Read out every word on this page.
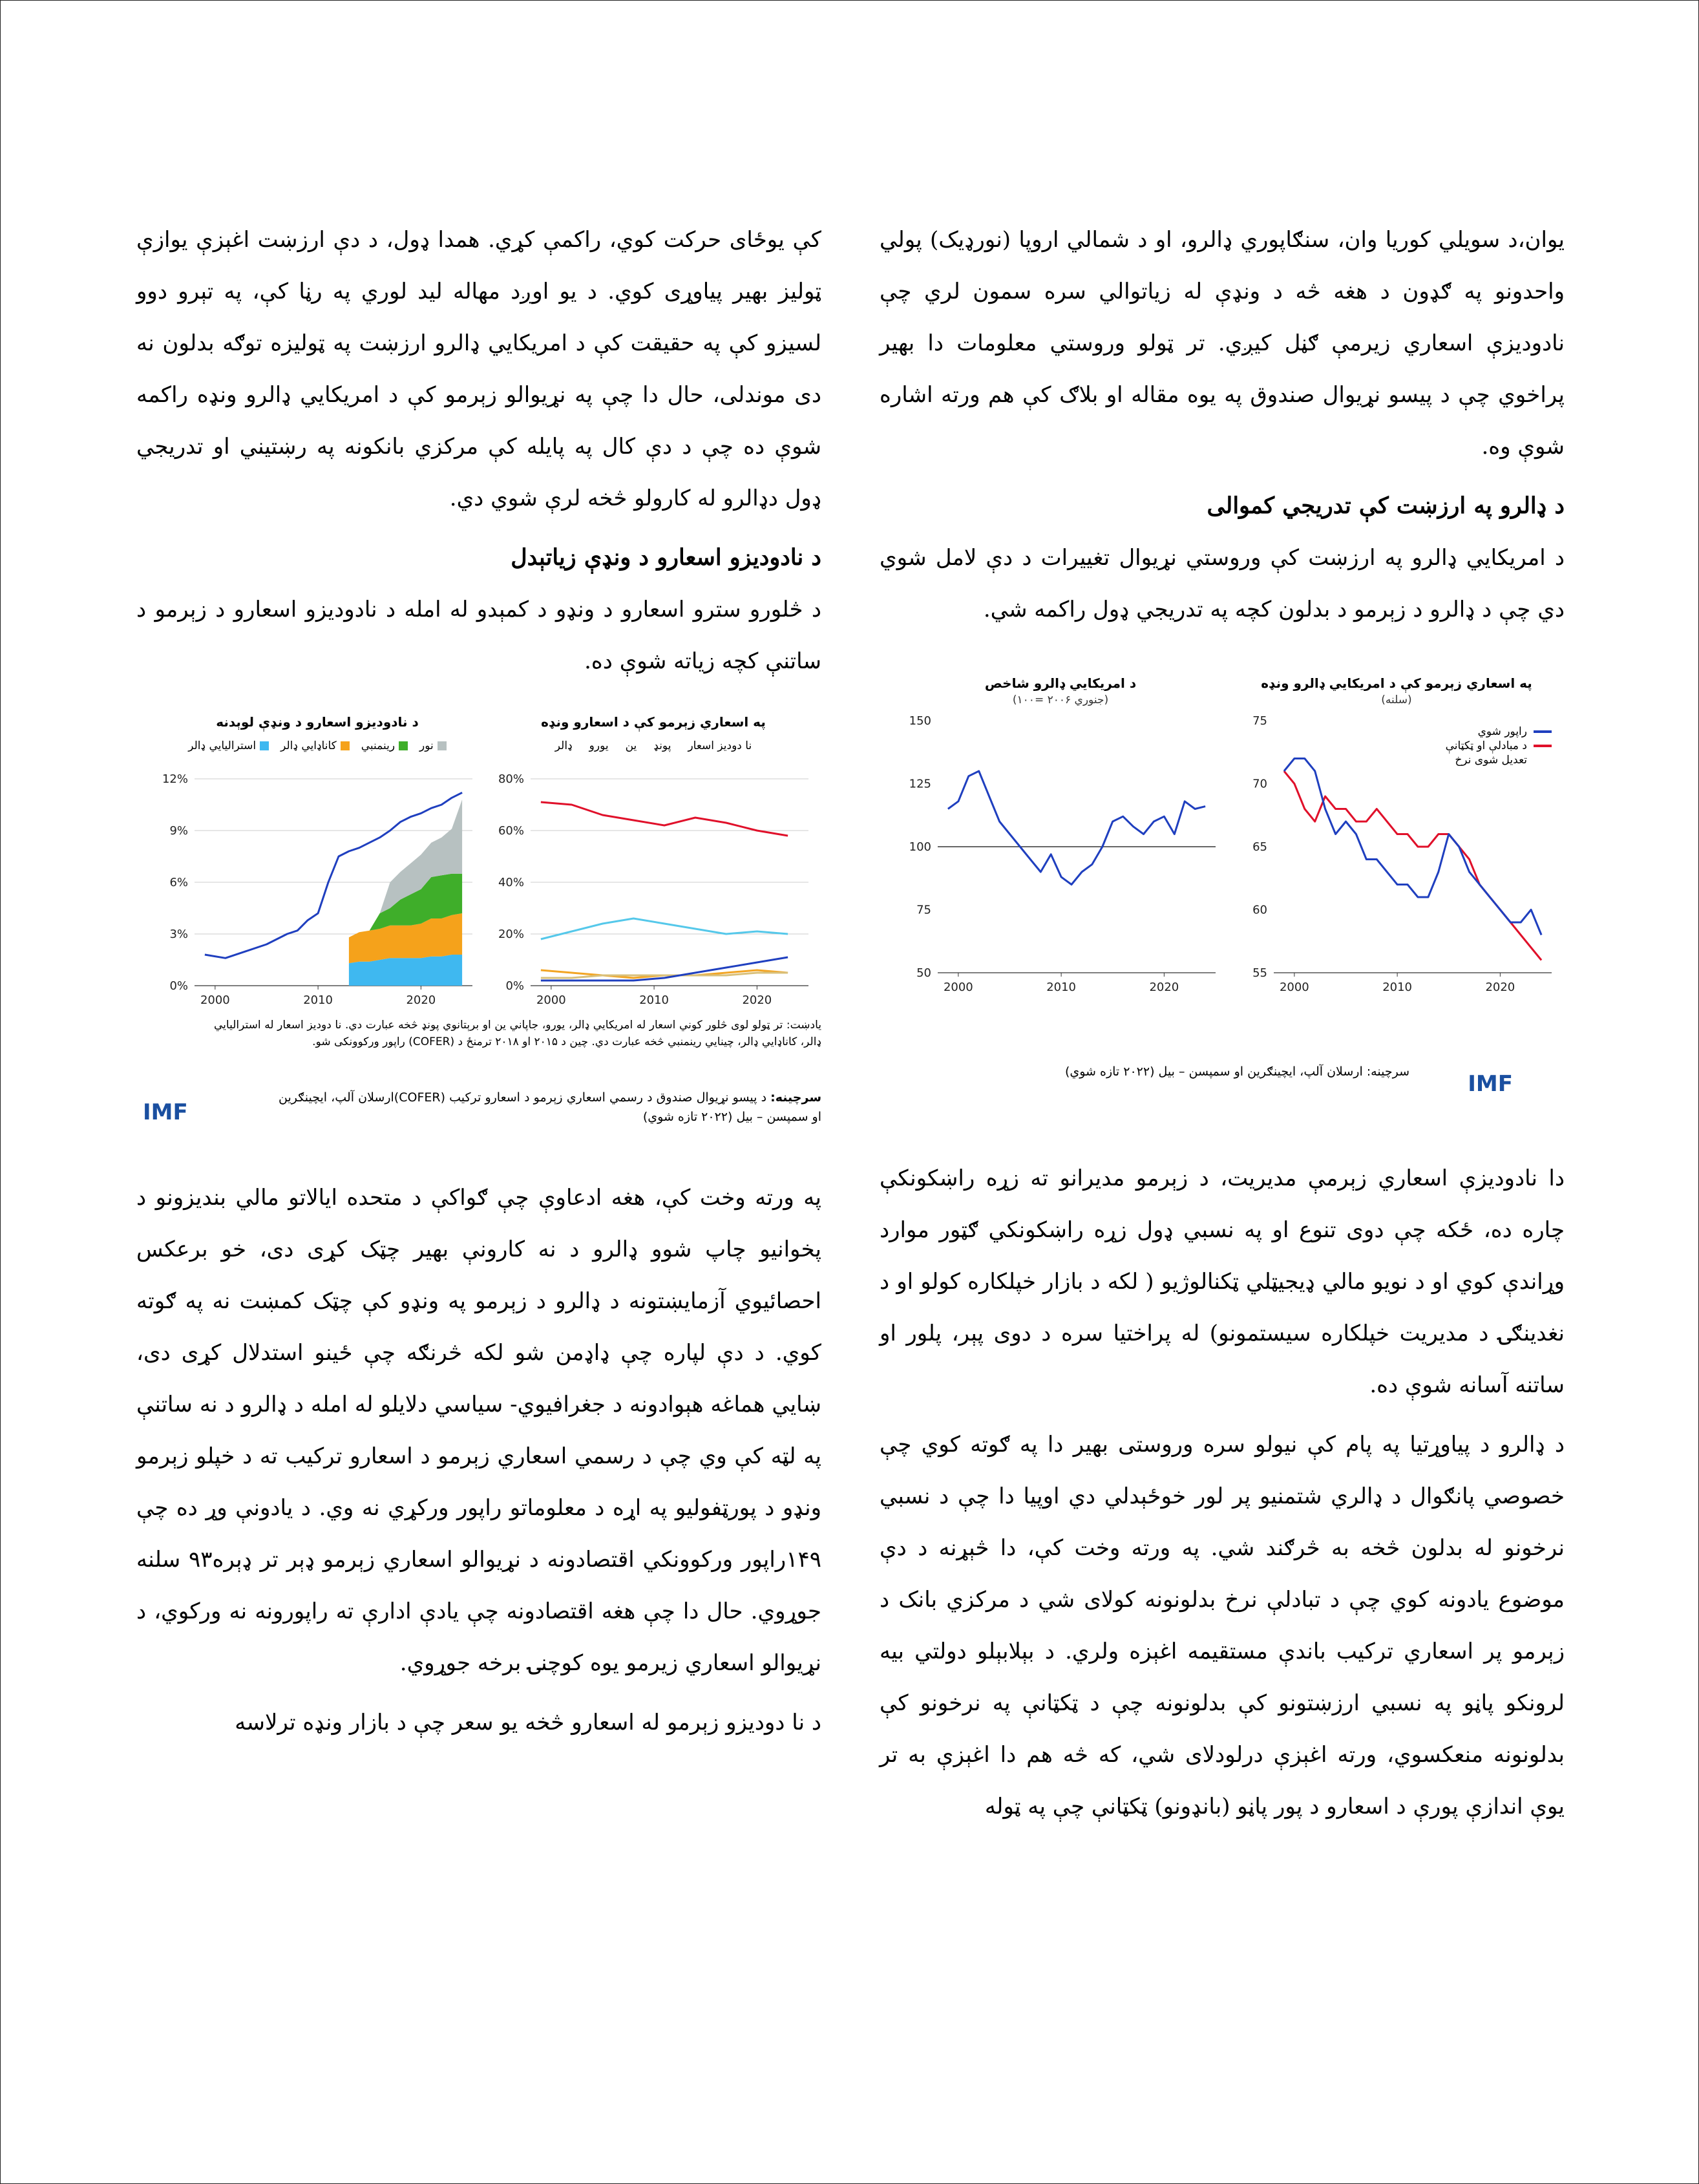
یوان،د سویلي کوریا وان، سنګاپوري ډالرو، او د شمالي اروپا (نورډیک) پولي واحدونو په ګډون د هغه څه د ونډې له زیاتوالي سره سمون لري چې نادودیزې اسعاري زیرمې ګڼل کیږي. تر ټولو وروستي معلومات دا بهیر پراخوي چې د پیسو نړیوال صندوق په یوه مقاله او بلاګ کې هم ورته اشاره شوې وه.

د ډالرو په ارزښت کې تدریجي کموالی

د امریکایي ډالرو په ارزښت کې وروستي نړیوال تغییرات د دې لامل شوي دي چې د ډالرو د زېرمو د بدلون کچه په تدریجي ډول راکمه شي.

په اسعاري زېرمو کې د امریکایي ډالرو ونډه
(سلنه)
55
60
65
70
75
2000	2010	2020
راپور شوي
د مبادلې او ټکټانې
تعدیل شوی نرخ
د امریکایي ډالرو شاخص
(جنوري ۲۰۰۶ =۱۰۰)
50
75
100
125
150
2000	2010	2020
سرچینه: ارسلان آلپ، ایچینګرین او سمپسن – بیل (۲۰۲۲ تازه شوي)	IMF

دا نادودیزې اسعاري زېرمې مدیریت، د زېرمو مدیرانو ته زړه راښکونکې چاره ده، ځکه چې دوی تنوع او په نسبي ډول زړه راښکونکي ګټور موارد وړاندې کوي او د نویو مالي ډیجیټلي ټکنالوژیو ( لکه د بازار خپلکاره کولو او د نغدینګۍ د مدیریت خپلکاره سیستمونو) له پراختیا سره د دوی پېر، پلور او ساتنه آسانه شوې ده.

د ډالرو د پیاوړتیا په پام کې نیولو سره وروستی بهیر دا په ګوته کوي چې خصوصي پانګوال د ډالري شتمنیو پر لور خوځېدلي دي اوپیا دا چې د نسبي نرخونو له بدلون څخه به څرګند شي. په ورته وخت کې، دا څېړنه د دې موضوع یادونه کوي چې د تبادلې نرخ بدلونونه کولای شي د مرکزي بانک د زېرمو پر اسعاري ترکیب باندې مستقیمه اغېزه ولري. د بېلابېلو دولتي بیه لرونکو پاڼو په نسبي ارزښتونو کې بدلونونه چې د ټکټانې په نرخونو کې بدلونونه منعکسوي، ورته اغېزې درلودلای شي، که څه هم دا اغېزې به تر یوې اندازې پورې د اسعارو د پور پاڼو (بانډونو) ټکټانې چې په ټوله

کې یوځای حرکت کوي، راکمې کړي. همدا ډول، د دې ارزښت اغېزې یوازې ټولیز بهیر پیاوړی کوي. د یو اوږد مهاله لید لوري په رڼا کې، په تېرو دوو لسیزو کې په حقیقت کې د امریکایي ډالرو ارزښت په ټولیزه توګه بدلون نه دی موندلی، حال دا چې په نړیوالو زېرمو کې د امریکایي ډالرو ونډه راکمه شوې ده چې د دې کال په پایله کې مرکزي بانکونه په رښتیني او تدریجي ډول دډالرو له کارولو څخه لرې شوي دي.

د نادودیزو اسعارو د ونډې زیاتېدل

د څلورو سترو اسعارو د ونډو د کمېدو له امله د نادودیزو اسعارو د زېرمو د ساتنې کچه زیاته شوې ده.

په اسعاري زېرمو کې د اسعارو ونډه
نا دودیز اسعار
پونډ
ین
یورو
ډالر
0%
20%
40%
60%
80%
2000	2010	2020
د نادودیزو اسعارو د ونډې لوېدنه
نور
رینمنبي
کاناډایي ډالر
استرالیایي ډالر
0%
3%
6%
9%
12%
2000	2010	2020
یادښت: تر ټولو لوی څلور کوني اسعار له امریکایي ډالر، یورو، جاپاني ین او برېتانوي پونډ څخه عبارت دي. نا دودیز اسعار له استرالیایي ډالر، کاناډایي ډالر، چینایي رینمنبي څخه عبارت دي. چین د ۲۰۱۵ او ۲۰۱۸ ترمنځ د (COFER) راپور ورکوونکی شو.
سرچینه: د پیسو نړیوال صندوق د رسمي اسعاري زېرمو د اسعارو ترکیب (COFER)ارسلان آلپ، ایچینګرین او سمپسن – بیل (۲۰۲۲ تازه شوي)
IMF

په ورته وخت کې، هغه ادعاوې چې ګواکې د متحده ایالاتو مالي بندیزونو د پخوانیو چاپ شوو ډالرو د نه کارونې بهیر چټک کړی دی، خو برعکس احصائیوي آزمایښتونه د ډالرو د زېرمو په ونډو کې چټک کمښت نه په ګوته کوي. د دې لپاره چې ډاډمن شو لکه څرنګه چې ځینو استدلال کړی دی، ښایي هماغه هېوادونه د جغرافیوي- سیاسي دلایلو له امله د ډالرو د نه ساتنې په لټه کې وي چې د رسمي اسعاري زېرمو د اسعارو ترکیب ته د خپلو زېرمو ونډو د پورټفولیو په اړه د معلوماتو راپور ورکړي نه وي. د یادونې وړ ده چې ۱۴۹راپور ورکوونکي اقتصادونه د نړیوالو اسعاري زېرمو ډېر تر ډېره۹۳ سلنه جوړوي. حال دا چې هغه اقتصادونه چې یادې ادارې ته راپورونه نه ورکوي، د نړیوالو اسعاري زیرمو یوه کوچنۍ برخه جوړوي.

د نا دودیزو زېرمو له اسعارو څخه یو سعر چې د بازار ونډه ترلاسه
